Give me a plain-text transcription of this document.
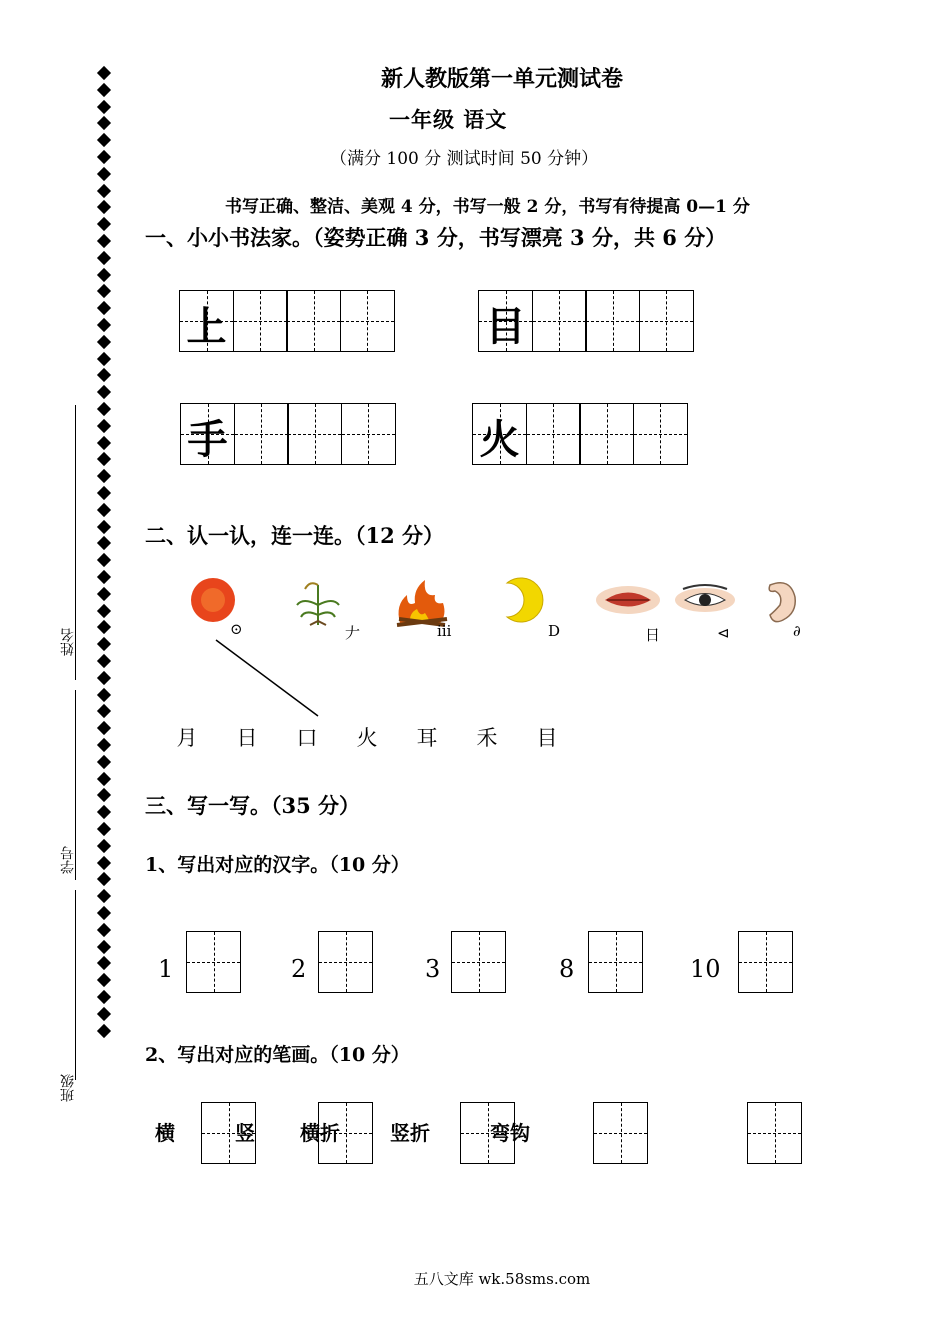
姓名
学号
班级
新人教版第一单元测试卷
一年级 语文
（满分 100 分 测试时间 50 分钟）
书写正确、整洁、美观 4 分，书写一般 2 分，书写有待提高 0—1 分
一、小小书法家。（姿势正确 3 分，书写漂亮 3 分，共 6 分）
上	目
手	火
二、认一认，连一连。（12 分）
⊙	𠂇	ⅲ	D	日	⊲	∂
月 日 口 火 耳 禾 目
三、写一写。（35 分）
1、写出对应的汉字。（10 分）
1	2	3	8	10
2、写出对应的笔画。（10 分）
横	竖 横折	竖折	弯钩
五八文库 wk.58sms.com
